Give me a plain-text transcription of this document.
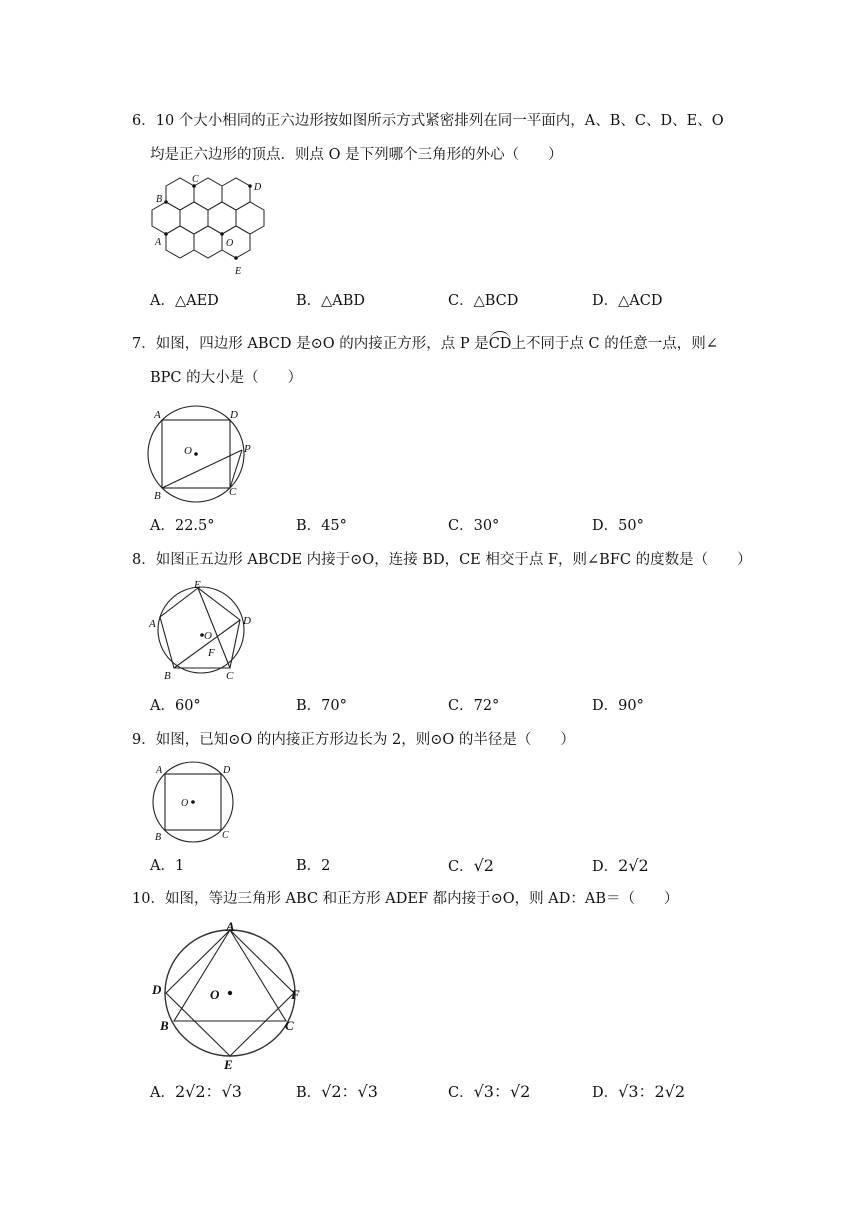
6．10 个大小相同的正六边形按如图所示方式紧密排列在同一平面内，A、B、C、D、E、O
均是正六边形的顶点．则点 O 是下列哪个三角形的外心（　　）
C
D
B
A	O
E
A．△AED	B．△ABD	C．△BCD	D．△ACD
7．如图，四边形 ABCD 是⊙O 的内接正方形，点 P 是CD上不同于点 C 的任意一点，则∠
BPC 的大小是（　　）
A	D
O	P
B	C
A．22.5°	B．45°	C．30°	D．50°
8．如图正五边形 ABCDE 内接于⊙O，连接 BD，CE 相交于点 F，则∠BFC 的度数是（　　）
E
A	D
O
F
B	C
A．60°	B．70°	C．72°	D．90°
9．如图，已知⊙O 的内接正方形边长为 2，则⊙O 的半径是（　　）
A	D
O
B	C
A．1	B．2	C．√2	D．2√2
10．如图，等边三角形 ABC 和正方形 ADEF 都内接于⊙O，则 AD：AB＝（　　）
A
D	O	F
B	C
E
A．2√2：√3	B．√2：√3	C．√3：√2	D．√3：2√2
